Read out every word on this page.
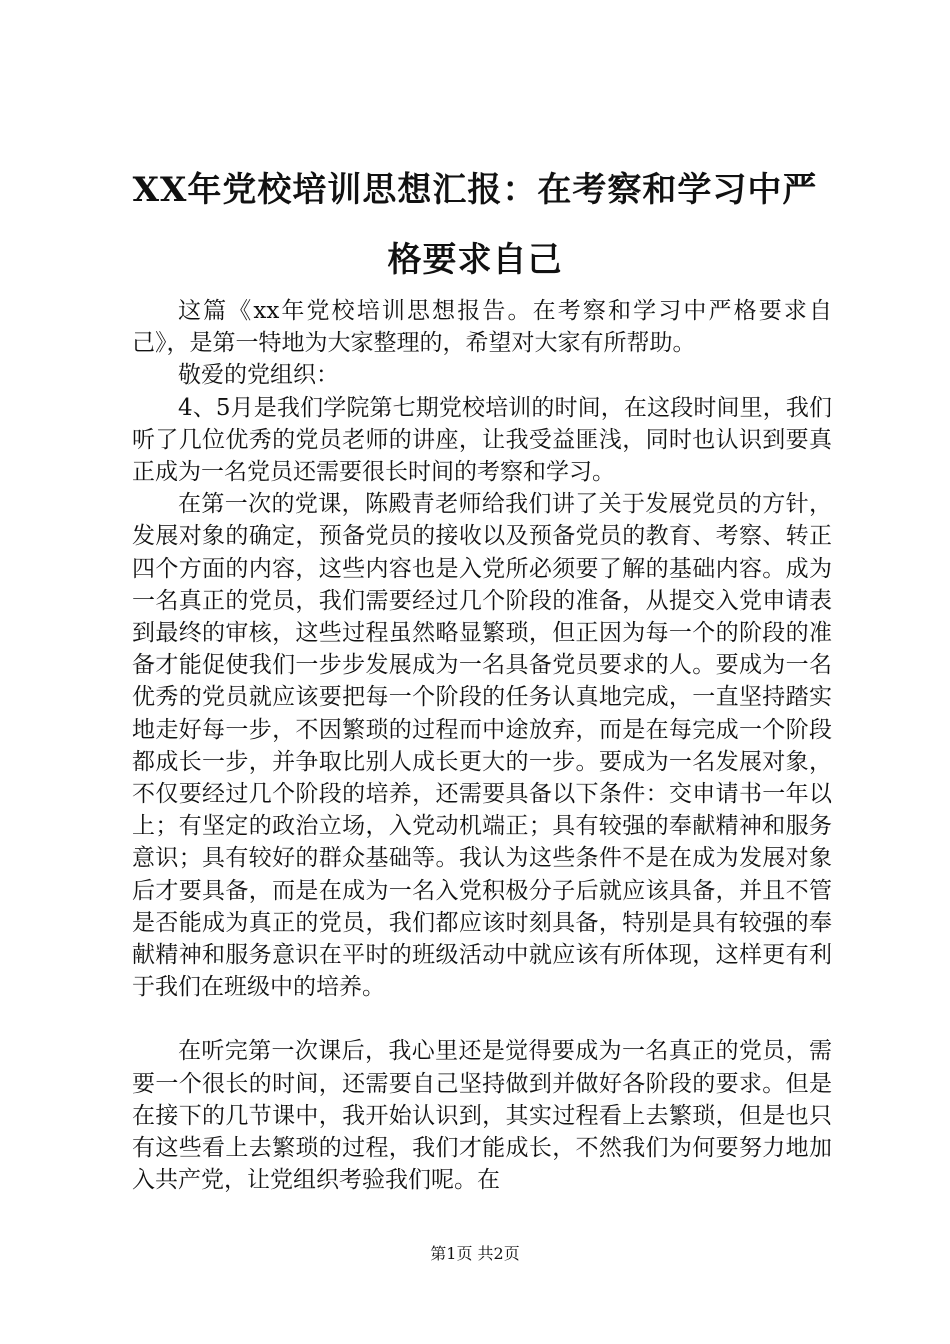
XX年党校培训思想汇报：在考察和学习中严格要求自己

这篇《xx年党校培训思想报告。在考察和学习中严格要求自己》，是第一特地为大家整理的，希望对大家有所帮助。

敬爱的党组织：

4、5月是我们学院第七期党校培训的时间，在这段时间里，我们听了几位优秀的党员老师的讲座，让我受益匪浅，同时也认识到要真正成为一名党员还需要很长时间的考察和学习。

在第一次的党课，陈殿青老师给我们讲了关于发展党员的方针，发展对象的确定，预备党员的接收以及预备党员的教育、考察、转正四个方面的内容，这些内容也是入党所必须要了解的基础内容。成为一名真正的党员，我们需要经过几个阶段的准备，从提交入党申请表到最终的审核，这些过程虽然略显繁琐，但正因为每一个的阶段的准备才能促使我们一步步发展成为一名具备党员要求的人。要成为一名优秀的党员就应该要把每一个阶段的任务认真地完成，一直坚持踏实地走好每一步，不因繁琐的过程而中途放弃，而是在每完成一个阶段都成长一步，并争取比别人成长更大的一步。要成为一名发展对象，不仅要经过几个阶段的培养，还需要具备以下条件：交申请书一年以上；有坚定的政治立场，入党动机端正；具有较强的奉献精神和服务意识；具有较好的群众基础等。我认为这些条件不是在成为发展对象后才要具备，而是在成为一名入党积极分子后就应该具备，并且不管是否能成为真正的党员，我们都应该时刻具备，特别是具有较强的奉献精神和服务意识在平时的班级活动中就应该有所体现，这样更有利于我们在班级中的培养。

在听完第一次课后，我心里还是觉得要成为一名真正的党员，需要一个很长的时间，还需要自己坚持做到并做好各阶段的要求。但是在接下的几节课中，我开始认识到，其实过程看上去繁琐，但是也只有这些看上去繁琐的过程，我们才能成长，不然我们为何要努力地加入共产党，让党组织考验我们呢。在

第1页 共2页
